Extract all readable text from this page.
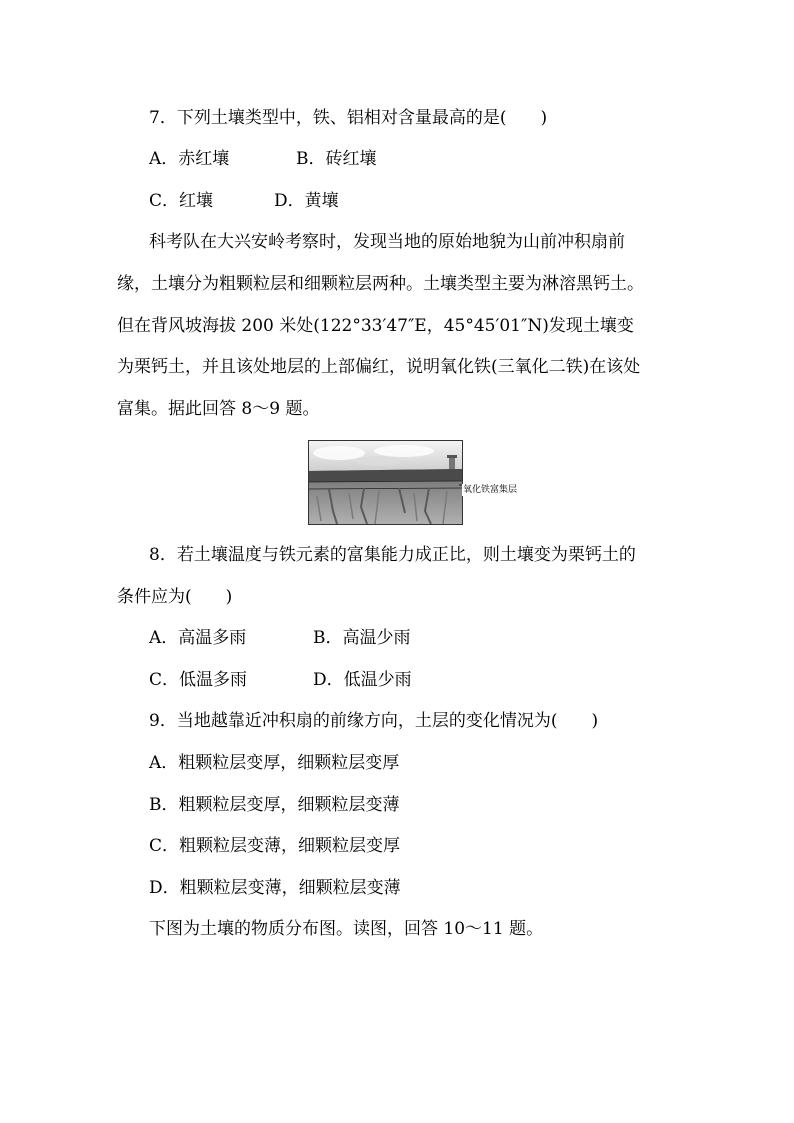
7．下列土壤类型中，铁、铝相对含量最高的是(　　)
A．赤红壤	B．砖红壤
C．红壤	D．黄壤
科考队在大兴安岭考察时，发现当地的原始地貌为山前冲积扇前
缘，土壤分为粗颗粒层和细颗粒层两种。土壤类型主要为淋溶黑钙土。
但在背风坡海拔 200 米处(122°33′47″E，45°45′01″N)发现土壤变
为栗钙土，并且该处地层的上部偏红，说明氧化铁(三氧化二铁)在该处
富集。据此回答 8～9 题。
氧化铁富集层
8．若土壤温度与铁元素的富集能力成正比，则土壤变为栗钙土的
条件应为(　　)
A．高温多雨	B．高温少雨
C．低温多雨	D．低温少雨
9．当地越靠近冲积扇的前缘方向，土层的变化情况为(　　)
A．粗颗粒层变厚，细颗粒层变厚
B．粗颗粒层变厚，细颗粒层变薄
C．粗颗粒层变薄，细颗粒层变厚
D．粗颗粒层变薄，细颗粒层变薄
下图为土壤的物质分布图。读图，回答 10～11 题。
